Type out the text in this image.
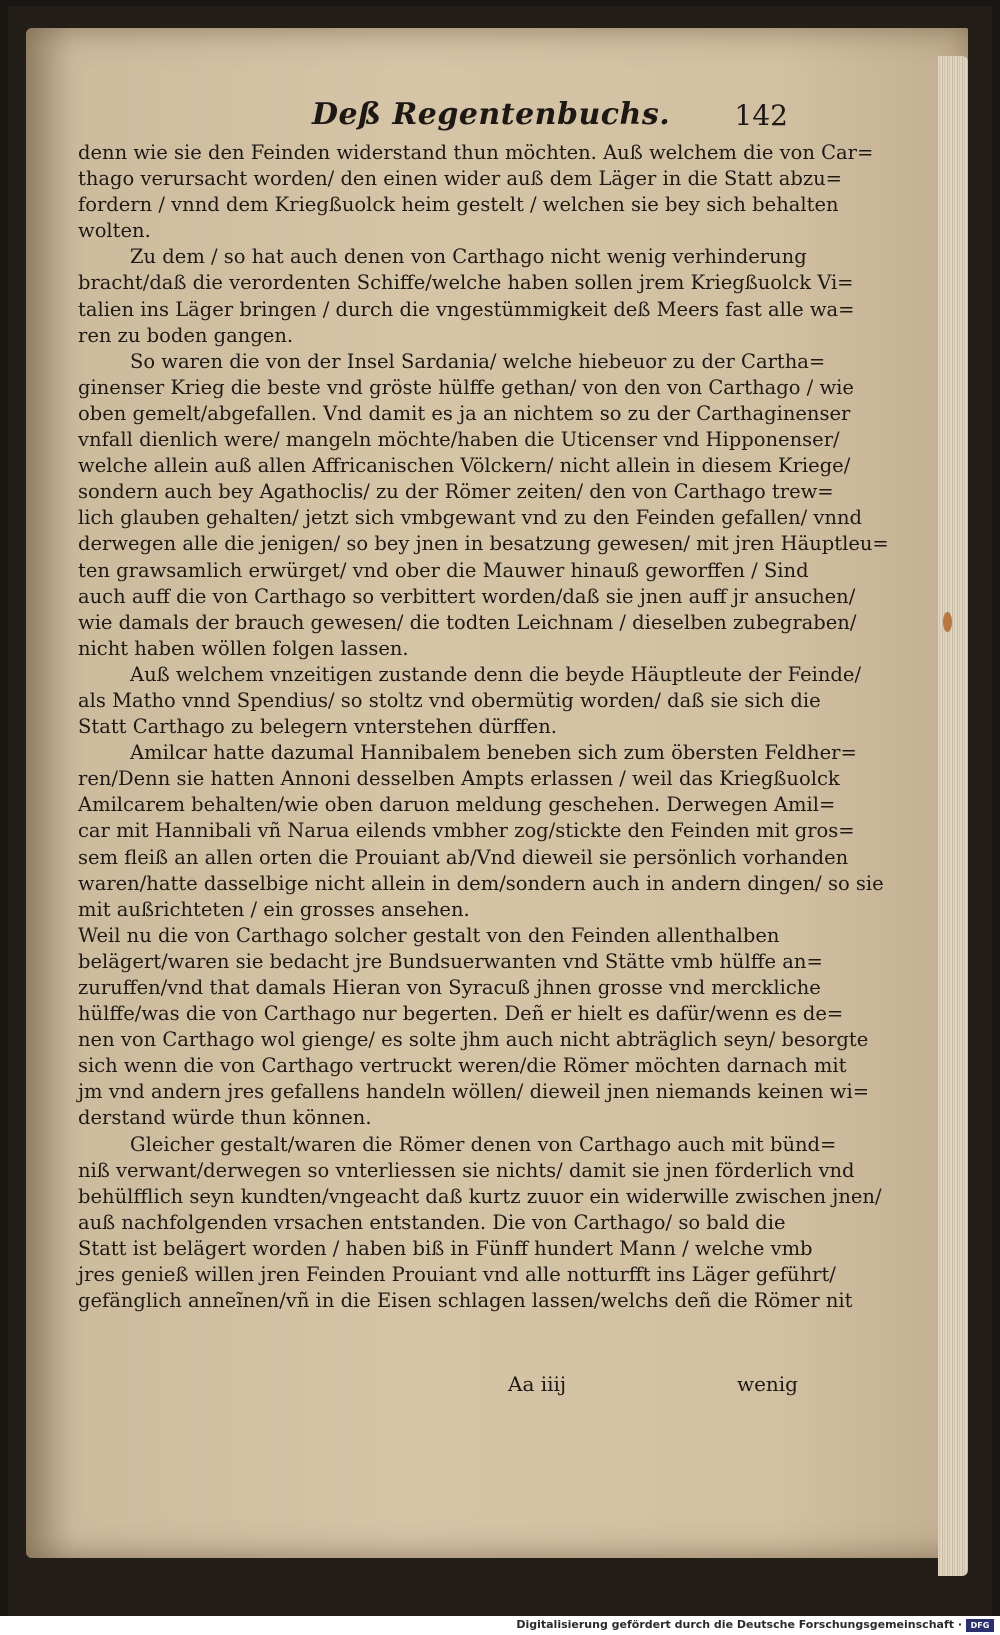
Deß Regentenbuchs. 142
denn wie sie den Feinden widerstand thun möchten. Auß welchem die von Car=
thago verursacht worden/ den einen wider auß dem Läger in die Statt abzu=
fordern / vnnd dem Kriegßuolck heim gestelt / welchen sie bey sich behalten
wolten.
Zu dem / so hat auch denen von Carthago nicht wenig verhinderung
bracht/daß die verordenten Schiffe/welche haben sollen jrem Kriegßuolck Vi=
talien ins Läger bringen / durch die vngestümmigkeit deß Meers fast alle wa=
ren zu boden gangen.
So waren die von der Insel Sardania/ welche hiebeuor zu der Cartha=
ginenser Krieg die beste vnd gröste hülffe gethan/ von den von Carthago / wie
oben gemelt/abgefallen. Vnd damit es ja an nichtem so zu der Carthaginenser
vnfall dienlich were/ mangeln möchte/haben die Uticenser vnd Hipponenser/
welche allein auß allen Affricanischen Völckern/ nicht allein in diesem Kriege/
sondern auch bey Agathoclis/ zu der Römer zeiten/ den von Carthago trew=
lich glauben gehalten/ jetzt sich vmbgewant vnd zu den Feinden gefallen/ vnnd
derwegen alle die jenigen/ so bey jnen in besatzung gewesen/ mit jren Häuptleu=
ten grawsamlich erwürget/ vnd ober die Mauwer hinauß geworffen / Sind
auch auff die von Carthago so verbittert worden/daß sie jnen auff jr ansuchen/
wie damals der brauch gewesen/ die todten Leichnam / dieselben zubegraben/
nicht haben wöllen folgen lassen.
Auß welchem vnzeitigen zustande denn die beyde Häuptleute der Feinde/
als Matho vnnd Spendius/ so stoltz vnd obermütig worden/ daß sie sich die
Statt Carthago zu belegern vnterstehen dürffen.
Amilcar hatte dazumal Hannibalem beneben sich zum öbersten Feldher=
ren/Denn sie hatten Annoni desselben Ampts erlassen / weil das Kriegßuolck
Amilcarem behalten/wie oben daruon meldung geschehen. Derwegen Amil=
car mit Hannibali vñ Narua eilends vmbher zog/stickte den Feinden mit gros=
sem fleiß an allen orten die Prouiant ab/Vnd dieweil sie persönlich vorhanden
waren/hatte dasselbige nicht allein in dem/sondern auch in andern dingen/ so sie
mit außrichteten / ein grosses ansehen.
Weil nu die von Carthago solcher gestalt von den Feinden allenthalben
belägert/waren sie bedacht jre Bundsuerwanten vnd Stätte vmb hülffe an=
zuruffen/vnd that damals Hieran von Syracuß jhnen grosse vnd merckliche
hülffe/was die von Carthago nur begerten. Deñ er hielt es dafür/wenn es de=
nen von Carthago wol gienge/ es solte jhm auch nicht abträglich seyn/ besorgte
sich wenn die von Carthago vertruckt weren/die Römer möchten darnach mit
jm vnd andern jres gefallens handeln wöllen/ dieweil jnen niemands keinen wi=
derstand würde thun können.
Gleicher gestalt/waren die Römer denen von Carthago auch mit bünd=
niß verwant/derwegen so vnterliessen sie nichts/ damit sie jnen förderlich vnd
behülfflich seyn kundten/vngeacht daß kurtz zuuor ein widerwille zwischen jnen/
auß nachfolgenden vrsachen entstanden. Die von Carthago/ so bald die
Statt ist belägert worden / haben biß in Fünff hundert Mann / welche vmb
jres genieß willen jren Feinden Prouiant vnd alle notturfft ins Läger geführt/
gefänglich anneĩnen/vñ in die Eisen schlagen lassen/welchs deñ die Römer nit
Aa iiij	wenig
Digitalisierung gefördert durch die Deutsche Forschungsgemeinschaft ·	DFG
